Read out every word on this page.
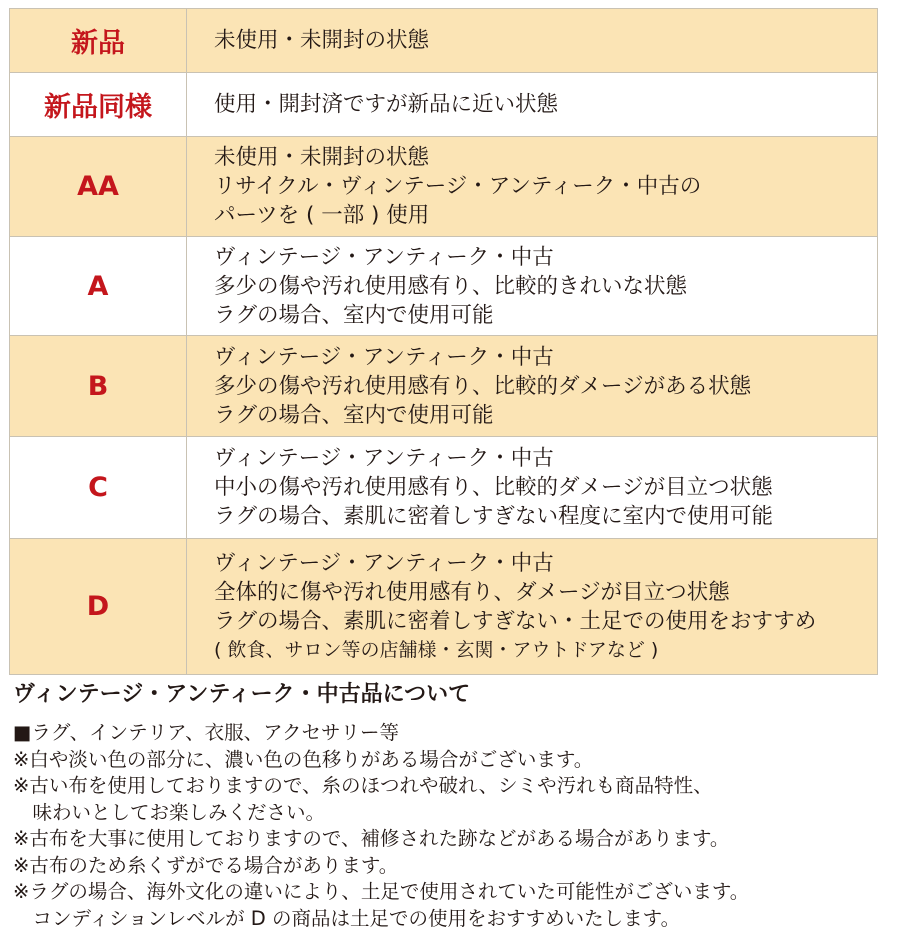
新品	未使用・未開封の状態

新品同様	使用・開封済ですが新品に近い状態

AA	未使用・未開封の状態
リサイクル・ヴィンテージ・アンティーク・中古の
パーツを ( 一部 ) 使用

A	ヴィンテージ・アンティーク・中古
多少の傷や汚れ使用感有り、比較的きれいな状態
ラグの場合、室内で使用可能

B	ヴィンテージ・アンティーク・中古
多少の傷や汚れ使用感有り、比較的ダメージがある状態
ラグの場合、室内で使用可能

C	ヴィンテージ・アンティーク・中古
中小の傷や汚れ使用感有り、比較的ダメージが目立つ状態
ラグの場合、素肌に密着しすぎない程度に室内で使用可能

D	ヴィンテージ・アンティーク・中古
全体的に傷や汚れ使用感有り、ダメージが目立つ状態
ラグの場合、素肌に密着しすぎない・土足での使用をおすすめ
( 飲食、サロン等の店舗様・玄関・アウトドアなど )
ヴィンテージ・アンティーク・中古品について
■ラグ、インテリア、衣服、アクセサリー等
※白や淡い色の部分に、濃い色の色移りがある場合がございます。
※古い布を使用しておりますので、糸のほつれや破れ、シミや汚れも商品特性、
　味わいとしてお楽しみください。
※古布を大事に使用しておりますので、補修された跡などがある場合があります。
※古布のため糸くずがでる場合があります。
※ラグの場合、海外文化の違いにより、土足で使用されていた可能性がございます。
　コンディションレベルが D の商品は土足での使用をおすすめいたします。
